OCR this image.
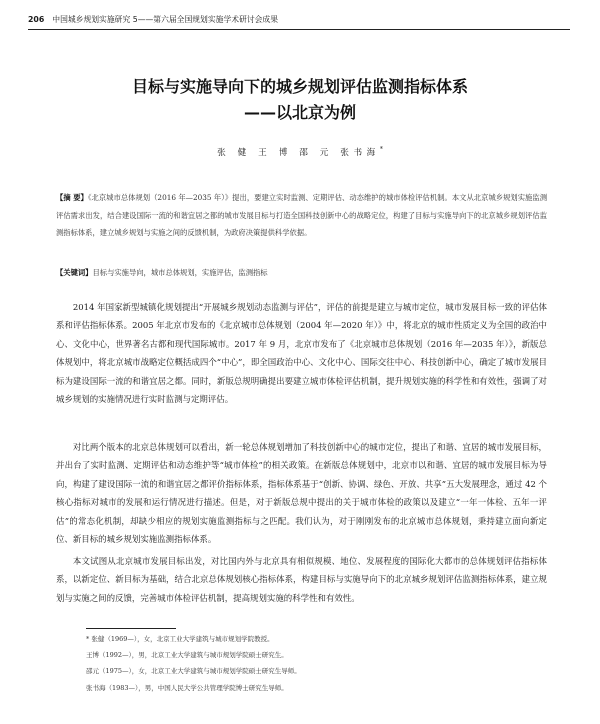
206 中国城乡规划实施研究 5——第六届全国规划实施学术研讨会成果
目标与实施导向下的城乡规划评估监测指标体系
——以北京为例
张 健 王 博 邵 元 张书海*
【摘 要】《北京城市总体规划（2016 年—2035 年）》提出，要建立实时监测、定期评估、动态维护的城市体检评估机制。本文从北京城乡规划实施监测评估需求出发，结合建设国际一流的和谐宜居之都的城市发展目标与打造全国科技创新中心的战略定位，构建了目标与实施导向下的北京城乡规划评估监测指标体系，建立城乡规划与实施之间的反馈机制，为政府决策提供科学依据。
【关键词】目标与实施导向，城市总体规划，实施评估，监测指标

2014 年国家新型城镇化规划提出“开展城乡规划动态监测与评估”，评估的前提是建立与城市定位，城市发展目标一致的评估体系和评估指标体系。2005 年北京市发布的《北京城市总体规划（2004 年—2020 年）》中，将北京的城市性质定义为全国的政治中心、文化中心，世界著名古都和现代国际城市。2017 年 9 月，北京市发布了《北京城市总体规划（2016 年—2035 年）》，新版总体规划中，将北京城市战略定位概括成四个“中心”，即全国政治中心、文化中心、国际交往中心、科技创新中心，确定了城市发展目标为建设国际一流的和谐宜居之都。同时，新版总规明确提出要建立城市体检评估机制，提升规划实施的科学性和有效性，强调了对城乡规划的实施情况进行实时监测与定期评估。

对比两个版本的北京总体规划可以看出，新一轮总体规划增加了科技创新中心的城市定位，提出了和谐、宜居的城市发展目标，并出台了实时监测、定期评估和动态维护等“城市体检”的相关政策。在新版总体规划中，北京市以和谐、宜居的城市发展目标为导向，构建了建设国际一流的和谐宜居之都评价指标体系，指标体系基于“创新、协调、绿色、开放、共享”五大发展理念，通过 42 个核心指标对城市的发展和运行情况进行描述。但是，对于新版总规中提出的关于城市体检的政策以及建立“一年一体检、五年一评估”的常态化机制，却缺少相应的规划实施监测指标与之匹配。我们认为，对于刚刚发布的北京城市总体规划，秉持建立面向新定位、新目标的城乡规划实施监测指标体系。

本文试图从北京城市发展目标出发，对比国内外与北京具有相似规模、地位、发展程度的国际化大都市的总体规划评估指标体系，以新定位、新目标为基础，结合北京总体规划核心指标体系，构建目标与实施导向下的北京城乡规划评估监测指标体系，建立规划与实施之间的反馈，完善城市体检评估机制，提高规划实施的科学性和有效性。

* 张健（1969—），女，北京工业大学建筑与城市规划学院教授。
王博（1992—），男，北京工业大学建筑与城市规划学院硕士研究生。
邵元（1975—），女，北京工业大学建筑与城市规划学院硕士研究生导师。
张书海（1983—），男，中国人民大学公共管理学院博士研究生导师。
